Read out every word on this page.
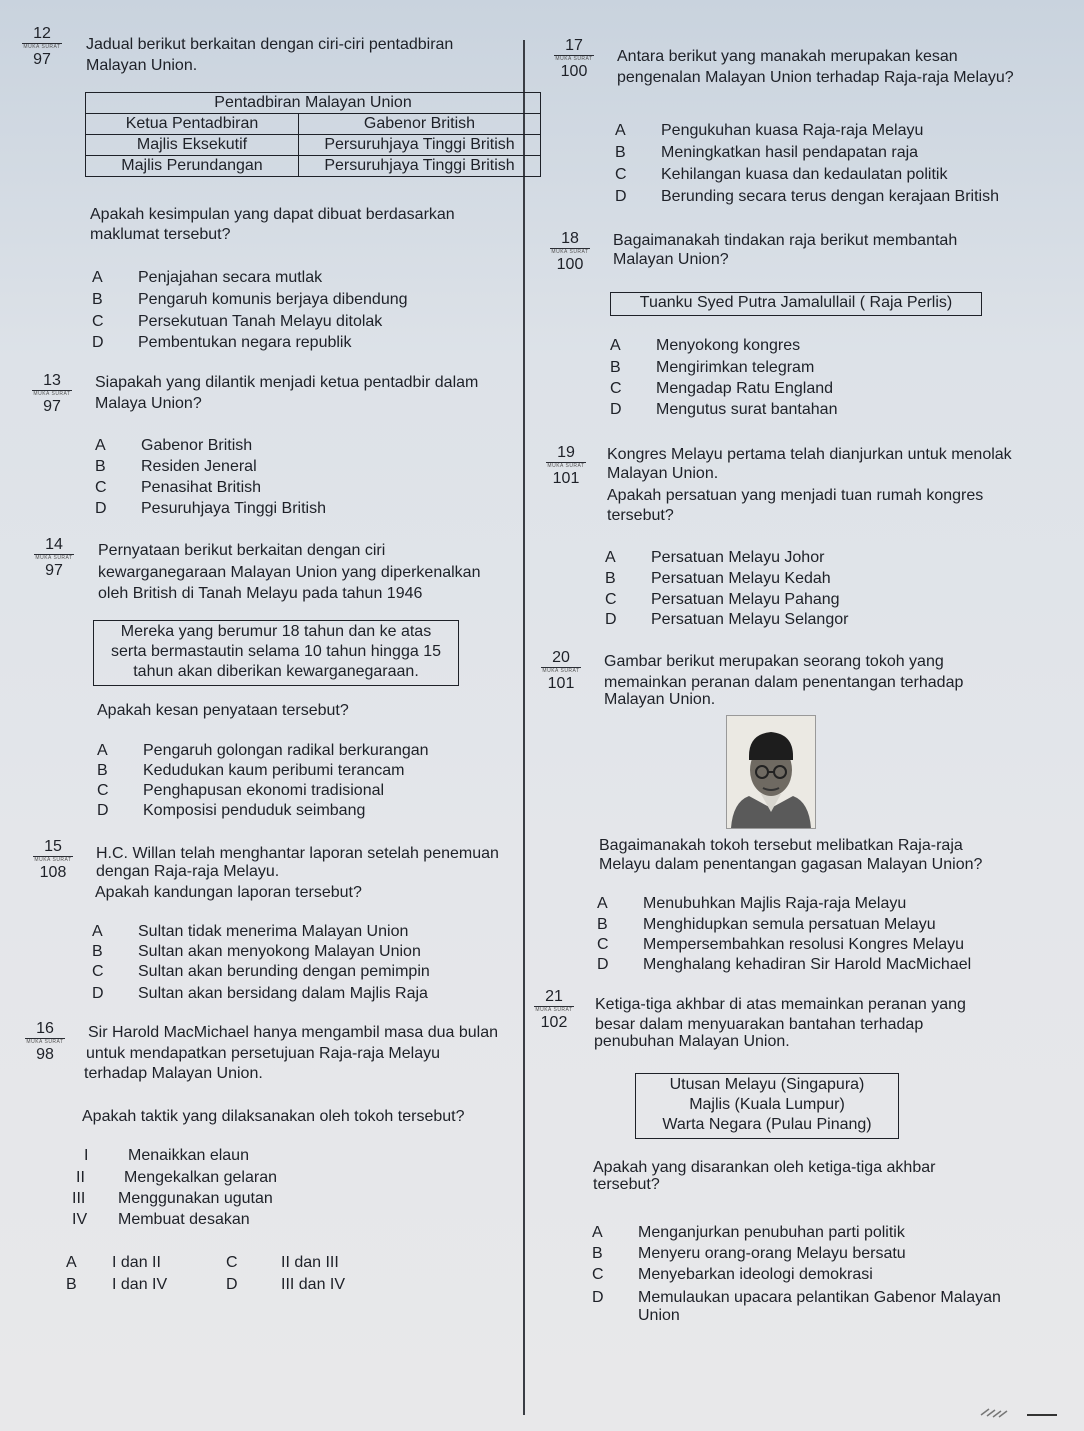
12
MUKA SURAT
97
Jadual berikut berkaitan dengan ciri-ciri pentadbiran Malayan Union.
Pentadbiran Malayan Union	
Ketua Pentadbiran	Gabenor British
Majlis Eksekutif	Persuruhjaya Tinggi British
Majlis Perundangan	Persuruhjaya Tinggi British
Apakah kesimpulan yang dapat dibuat berdasarkan
maklumat tersebut?
A Penjajahan secara mutlak
B Pengaruh komunis berjaya dibendung
C Persekutuan Tanah Melayu ditolak
D Pembentukan negara republik
13
MUKA SURAT
97
Siapakah yang dilantik menjadi ketua pentadbir dalam
Malaya Union?
A Gabenor British
B Residen Jeneral
C Penasihat British
D Pesuruhjaya Tinggi British
14
MUKA SURAT
97
Pernyataan berikut berkaitan dengan ciri
kewarganegaraan Malayan Union yang diperkenalkan
oleh British di Tanah Melayu pada tahun 1946
Mereka yang berumur 18 tahun dan ke atas
serta bermastautin selama 10 tahun hingga 15
tahun akan diberikan kewarganegaraan.
Apakah kesan penyataan tersebut?
A Pengaruh golongan radikal berkurangan
B Kedudukan kaum peribumi terancam
C Penghapusan ekonomi tradisional
D Komposisi penduduk seimbang
15
MUKA SURAT
108
H.C. Willan telah menghantar laporan setelah penemuan
dengan Raja-raja Melayu.
Apakah kandungan laporan tersebut?
A Sultan tidak menerima Malayan Union
B Sultan akan menyokong Malayan Union
C Sultan akan berunding dengan pemimpin
D Sultan akan bersidang dalam Majlis Raja
16
MUKA SURAT
98
Sir Harold MacMichael hanya mengambil masa dua bulan
untuk mendapatkan persetujuan Raja-raja Melayu
terhadap Malayan Union.
Apakah taktik yang dilaksanakan oleh tokoh tersebut?
I Menaikkan elaun
II Mengekalkan gelaran
III Menggunakan ugutan
IV Membuat desakan
A I dan II
B I dan IV
C	II dan III
D	III dan IV
17
MUKA SURAT
100
Antara berikut yang manakah merupakan kesan
pengenalan Malayan Union terhadap Raja-raja Melayu?
A Pengukuhan kuasa Raja-raja Melayu
B Meningkatkan hasil pendapatan raja
C Kehilangan kuasa dan kedaulatan politik
D Berunding secara terus dengan kerajaan British
18
MUKA SURAT
100
Bagaimanakah tindakan raja berikut membantah
Malayan Union?
Tuanku Syed Putra Jamalullail ( Raja Perlis)
A Menyokong kongres
B Mengirimkan telegram
C Mengadap Ratu England
D Mengutus surat bantahan
19
MUKA SURAT
101
Kongres Melayu pertama telah dianjurkan untuk menolak
Malayan Union.
Apakah persatuan yang menjadi tuan rumah kongres
tersebut?
A Persatuan Melayu Johor
B Persatuan Melayu Kedah
C Persatuan Melayu Pahang
D Persatuan Melayu Selangor
20
MUKA SURAT
101
Gambar berikut merupakan seorang tokoh yang
memainkan peranan dalam penentangan terhadap
Malayan Union.
Bagaimanakah tokoh tersebut melibatkan Raja-raja
Melayu dalam penentangan gagasan Malayan Union?
A Menubuhkan Majlis Raja-raja Melayu
B Menghidupkan semula persatuan Melayu
C Mempersembahkan resolusi Kongres Melayu
D Menghalang kehadiran Sir Harold MacMichael
21
MUKA SURAT
102
Ketiga-tiga akhbar di atas memainkan peranan yang
besar dalam menyuarakan bantahan terhadap
penubuhan Malayan Union.
Utusan Melayu (Singapura)
Majlis (Kuala Lumpur)
Warta Negara (Pulau Pinang)
Apakah yang disarankan oleh ketiga-tiga akhbar
tersebut?
A Menganjurkan penubuhan parti politik
B Menyeru orang-orang Melayu bersatu
C Menyebarkan ideologi demokrasi
D Memulaukan upacara pelantikan Gabenor Malayan
Union
